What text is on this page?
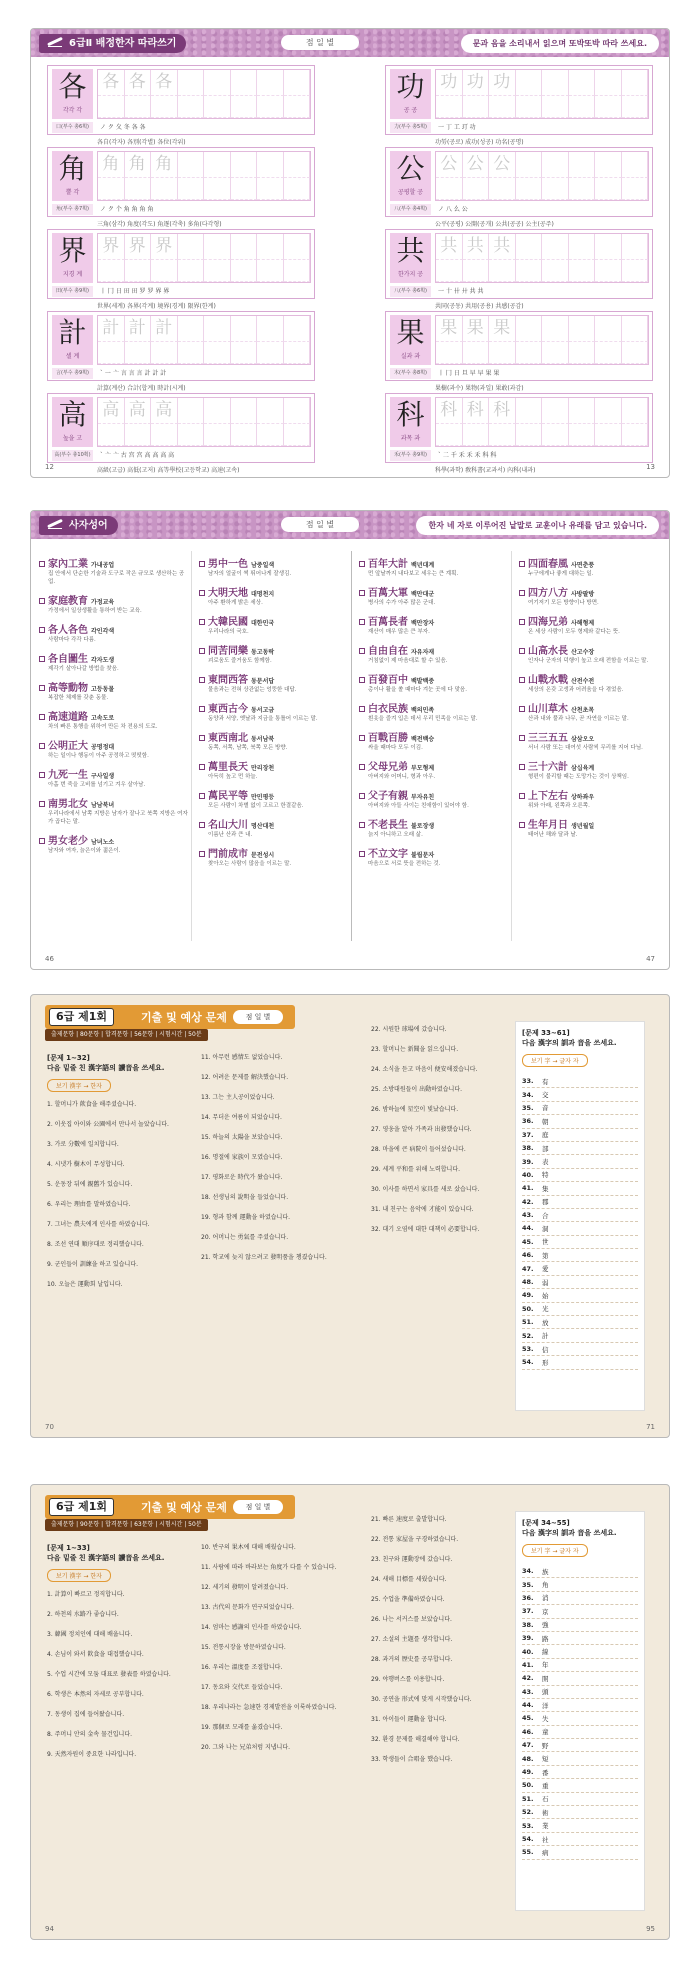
6급Ⅱ 배정한자 따라쓰기	점 일 별	문과 음을 소리내서 읽으며 또박또박 따라 쓰세요.
各
각각 각
各 各 各
口(부수 총6획)	ノ ク 夂 冬 各 各
各自(각자) 各別(각별) 各位(각위)
角
뿔 각
角 角 角
角(부수 총7획)	ノ ク 个 角 角 角 角
三角(삼각) 角度(각도) 角逐(각축) 多角(다각형)
界
지경 계
界 界 界
田(부수 총9획)	丨 冂 日 田 田 罗 罗 界 界
世界(세계) 各界(각계) 境界(경계) 限界(한계)
計
셀 계
計 計 計
言(부수 총9획)	` 一 亠 言 言 言 計 計 計
計算(계산) 合計(합계) 時計(시계)
高
높을 고
高 高 高
高(부수 총10획)	` 亠 亠 古 宫 宫 高 高 高 高
高級(고급) 高低(고저) 高等學校(고등학교) 高速(고속)
功
공 공
功 功 功
力(부수 총5획)	一 丁 工 玎 功
功勞(공로) 成功(성공) 功名(공명)
公
공평할 공
公 公 公
八(부수 총4획)	ノ 八 么 公
公平(공평) 公開(공개) 公共(공공) 公主(공주)
共
한가지 공
共 共 共
八(부수 총6획)	一 十 卄 廾 共 共
共同(공동) 共用(공용) 共感(공감)
果
실과 과
果 果 果
木(부수 총8획)	丨 冂 日 旦 早 早 果 果
果樹(과수) 果物(과일) 果敢(과감)
科
과목 과
科 科 科
禾(부수 총9획)	` 二 千 禾 禾 禾 科 科
科學(과학) 敎科書(교과서) 內科(내과)
12	13
사자성어	점 일 별	한자 네 자로 이루어진 낱말로 교훈이나 유래를 담고 있습니다.
家內工業 가내공업
집 안에서 단순한 기술과 도구로 작은 규모로 생산하는 공업.
家庭教育 가정교육
가정에서 일상생활을 통하여 받는 교육.
各人各色 각인각색
사람마다 각각 다름.
各自圖生 각자도생
제각기 살아나갈 방법을 찾음.
高等動物 고등동물
복잡한 체제를 갖춘 동물.
高速道路 고속도로
차의 빠른 통행을 위하여 만든 차 전용의 도로.
公明正大 공명정대
하는 일이나 행동이 아주 공정하고 떳떳함.
九死一生 구사일생
아홉 번 죽을 고비를 넘기고 겨우 살아남.
南男北女 남남북녀
우리나라에서 남쪽 지방은 남자가 잘나고 북쪽 지방은 여자가 곱다는 말.
男女老少 남녀노소
남자와 여자, 늙은이와 젊은이.
男中一色 남중일색
남자의 얼굴이 썩 뛰어나게 잘생김.
大明天地 대명천지
아주 환하게 밝은 세상.
大韓民國 대한민국
우리나라의 국호.
同苦同樂 동고동락
괴로움도 즐거움도 함께함.
東問西答 동문서답
물음과는 전혀 상관없는 엉뚱한 대답.
東西古今 동서고금
동양과 서양, 옛날과 지금을 통틀어 이르는 말.
東西南北 동서남북
동쪽, 서쪽, 남쪽, 북쪽 모든 방향.
萬里長天 만리장천
아득히 높고 먼 하늘.
萬民平等 만민평등
모든 사람이 차별 없이 고르고 한결같음.
名山大川 명산대천
이름난 산과 큰 내.
門前成市 문전성시
찾아오는 사람이 많음을 이르는 말.
百年大計 백년대계
먼 앞날까지 내다보고 세우는 큰 계획.
百萬大軍 백만대군
병사의 수가 아주 많은 군대.
百萬長者 백만장자
재산이 매우 많은 큰 부자.
自由自在 자유자재
거침없이 제 마음대로 할 수 있음.
百發百中 백발백중
총이나 활을 쏠 때마다 겨눈 곳에 다 맞음.
白衣民族 백의민족
흰옷을 즐겨 입은 데서 우리 민족을 이르는 말.
百戰百勝 백전백승
싸울 때마다 모두 이김.
父母兄弟 부모형제
아버지와 어머니, 형과 아우.
父子有親 부자유친
아버지와 아들 사이는 친애함이 있어야 함.
不老長生 불로장생
늙지 아니하고 오래 삶.
不立文字 불립문자
마음으로 서로 뜻을 전하는 것.
四面春風 사면춘풍
누구에게나 좋게 대하는 일.
四方八方 사방팔방
여기저기 모든 방향이나 방면.
四海兄弟 사해형제
온 세상 사람이 모두 형제와 같다는 뜻.
山高水長 산고수장
인자나 군자의 덕행이 높고 오래 전함을 이르는 말.
山戰水戰 산전수전
세상의 온갖 고생과 어려움을 다 겪었음.
山川草木 산천초목
산과 내와 풀과 나무, 곧 자연을 이르는 말.
三三五五 삼삼오오
서너 사람 또는 대여섯 사람씩 무리를 지어 다님.
三十六計 삼십육계
형편이 불리할 때는 도망가는 것이 상책임.
上下左右 상하좌우
위와 아래, 왼쪽과 오른쪽.
生年月日 생년월일
태어난 해와 달과 날.
46	47
6급 제1회	기출 및 예상 문제	점 일 별
출제문항 | 80문항 | 합격문항 | 56문항 | 시험시간 | 50분
[문제 1~32]
다음 밑줄 친 漢字語의 讀音을 쓰세요.
보기 漢字 → 한자
1. 할머니가 飮食을 해주셨습니다.
2. 이웃집 아이와 公園에서 만나서 놀았습니다.
3. 가로 分數에 일치합니다.
4. 시냇가 樹木이 무성합니다.
5. 운동장 뒤에 親舊가 있습니다.
6. 우리는 理由를 말하였습니다.
7. 그녀는 農夫에게 인사를 하였습니다.
8. 조선 연대 順序대로 정리했습니다.
9. 군인들이 訓練을 하고 있습니다.
10. 오늘은 運動회 날입니다.
11. 아무런 感情도 없었습니다.
12. 어려운 문제를 解決했습니다.
13. 그는 主人공이었습니다.
14. 무더운 여름이 되었습니다.
15. 하늘의 太陽을 보았습니다.
16. 명절에 家族이 모였습니다.
17. 평화로운 時代가 왔습니다.
18. 선생님의 說明을 들었습니다.
19. 형과 함께 運動을 하였습니다.
20. 어머니는 勇氣를 주셨습니다.
21. 학교에 늦지 않으려고 發明품을 챙겼습니다.
22. 시원한 球場에 갔습니다.
23. 할머니는 新聞을 읽으십니다.
24. 소식을 듣고 마음이 便安해졌습니다.
25. 소방대원들이 出動하였습니다.
26. 밤하늘에 星空이 빛났습니다.
27. 영웅을 알아 가족과 出發했습니다.
28. 마을에 큰 病院이 들어섰습니다.
29. 세계 平和를 위해 노력합니다.
30. 이사를 하면서 家具를 새로 샀습니다.
31. 내 친구는 음악에 才能이 있습니다.
32. 대기 오염에 대한 대책이 必要합니다.
[문제 33~61]
다음 漢字의 訓과 音을 쓰세요.
보기 字 → 글자 자
33.	有
34.	交
35.	音
36.	朝
37.	庭
38.	部
39.	表
40.	特
41.	集
42.	郡
43.	合
44.	洞
45.	世
46.	第
47.	愛
48.	弱
49.	始
50.	光
51.	放
52.	計
53.	信
54.	形
70	71
6급 제1회	기출 및 예상 문제	점 일 별
출제문항 | 90문항 | 합격문항 | 63문항 | 시험시간 | 50분
[문제 1~33]
다음 밑줄 친 漢字語의 讀音을 쓰세요.
보기 漢字 → 한자
1. 計算이 빠르고 정직합니다.
2. 하천의 水路가 좋습니다.
3. 韓國 정치인에 대해 배웁니다.
4. 손님이 와서 飮食을 대접했습니다.
5. 수업 시간에 모둠 대표로 發表를 하였습니다.
6. 학생은 本然의 자세로 공부합니다.
7. 동생이 집에 들어왔습니다.
8. 주머니 안의 金속 물건입니다.
9. 天然자원이 중요한 나라입니다.
10. 반구의 果木에 대해 배웠습니다.
11. 사람에 따라 바라보는 角度가 다를 수 있습니다.
12. 세기의 發明이 알려졌습니다.
13. 古代의 문화가 연구되었습니다.
14. 엄마는 感謝의 인사를 하였습니다.
15. 전통시장을 방문하였습니다.
16. 우리는 溫度를 조절합니다.
17. 동요와 交代로 들었습니다.
18. 우리나라는 急速한 경제발전을 이룩하였습니다.
19. 那個로 모래를 옮겼습니다.
20. 그와 나는 兄弟처럼 지냅니다.
21. 빠른 速度로 출발합니다.
22. 전통 家屋을 구경하였습니다.
23. 친구와 運動장에 갔습니다.
24. 새해 目標를 세웠습니다.
25. 수업을 準備하였습니다.
26. 나는 서커스를 보았습니다.
27. 소설의 主題를 생각합니다.
28. 과거의 歷史를 공부합니다.
29. 야행버스를 이용합니다.
30. 공연을 形式에 맞게 시작했습니다.
31. 아이들이 運動을 합니다.
32. 환경 문제를 해결해야 합니다.
33. 학생들이 合唱을 했습니다.
[문제 34~55]
다음 漢字의 訓과 音을 쓰세요.
보기 字 → 글자 자
34.	族
35.	角
36.	消
37.	京
38.	強
39.	路
40.	線
41.	年
42.	開
43.	頭
44.	洋
45.	失
46.	童
47.	野
48.	短
49.	番
50.	重
51.	石
52.	術
53.	業
54.	社
55.	病
94	95
